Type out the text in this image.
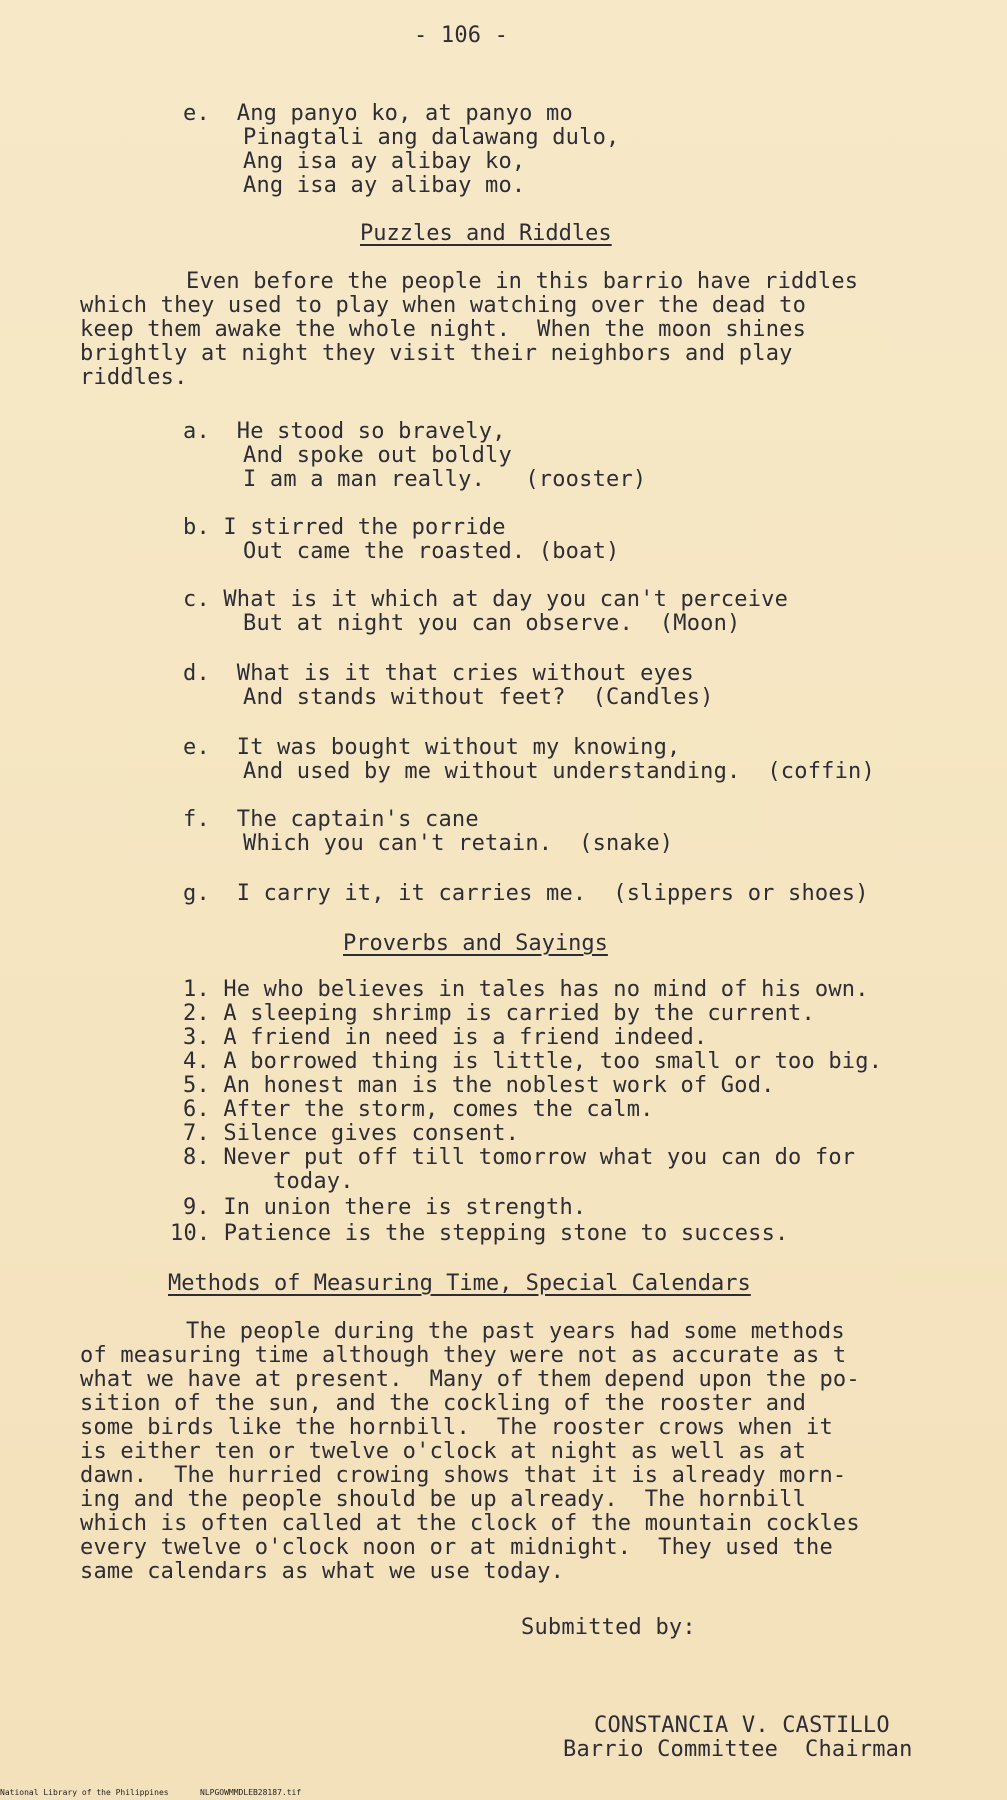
- 106 -
e.  Ang panyo ko, at panyo mo
Pinagtali ang dalawang dulo,
Ang isa ay alibay ko,
Ang isa ay alibay mo.
Puzzles and Riddles
Even before the people in this barrio have riddles
which they used to play when watching over the dead to
keep them awake the whole night.  When the moon shines
brightly at night they visit their neighbors and play
riddles.
a.  He stood so bravely,
And spoke out boldly
I am a man really.   (rooster)
b. I stirred the porride
Out came the roasted. (boat)
c. What is it which at day you can't perceive
But at night you can observe.  (Moon)
d.  What is it that cries without eyes
And stands without feet?  (Candles)
e.  It was bought without my knowing,
And used by me without understanding.  (coffin)
f.  The captain's cane
Which you can't retain.  (snake)
g.  I carry it, it carries me.  (slippers or shoes)
Proverbs and Sayings
1. He who believes in tales has no mind of his own.
2. A sleeping shrimp is carried by the current.
3. A friend in need is a friend indeed.
4. A borrowed thing is little, too small or too big.
5. An honest man is the noblest work of God.
6. After the storm, comes the calm.
7. Silence gives consent.
8. Never put off till tomorrow what you can do for
today.
9. In union there is strength.
10. Patience is the stepping stone to success.
Methods of Measuring Time, Special Calendars
The people during the past years had some methods
of measuring time although they were not as accurate as t
what we have at present.  Many of them depend upon the po-
sition of the sun, and the cockling of the rooster and
some birds like the hornbill.  The rooster crows when it
is either ten or twelve o'clock at night as well as at
dawn.  The hurried crowing shows that it is already morn-
ing and the people should be up already.  The hornbill
which is often called at the clock of the mountain cockles
every twelve o'clock noon or at midnight.  They used the
same calendars as what we use today.
Submitted by:
CONSTANCIA V. CASTILLO
Barrio Committee  Chairman
National Library of the Philippines	NLPGOWMMDLEB28187.tif
